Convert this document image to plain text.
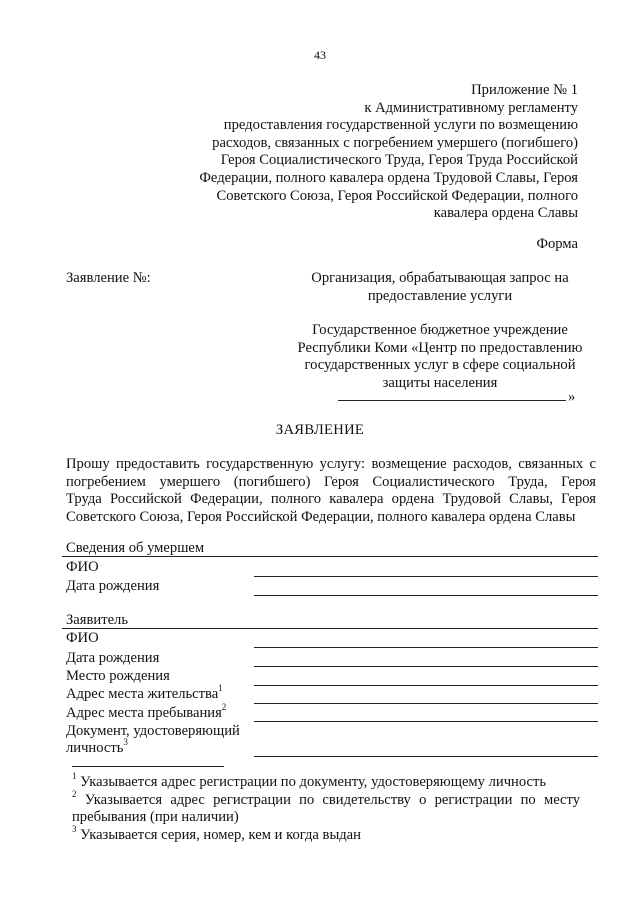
43
Приложение № 1
к Административному регламенту
предоставления государственной услуги по возмещению
расходов, связанных с погребением умершего (погибшего)
Героя Социалистического Труда, Героя Труда Российской
Федерации, полного кавалера ордена Трудовой Славы, Героя
Советского Союза, Героя Российской Федерации, полного
кавалера ордена Славы
Форма
Заявление №:	Организация, обрабатывающая запрос на
предоставление услуги
Государственное бюджетное учреждение
Республики Коми «Центр по предоставлению
государственных услуг в сфере социальной
защиты населения
»
ЗАЯВЛЕНИЕ
Прошу предоставить государственную услугу: возмещение расходов, связанных с
погребением умершего (погибшего) Героя Социалистического Труда, Героя
Труда Российской Федерации, полного кавалера ордена Трудовой Славы, Героя
Советского Союза, Героя Российской Федерации, полного кавалера ордена Славы
Сведения об умершем
ФИО
Дата рождения
Заявитель
ФИО
Дата рождения
Место рождения
Адрес места жительства$^1$
Адрес места пребывания$^2$
Документ, удостоверяющий
личность$^3$
$^1$ Указывается адрес регистрации по документу, удостоверяющему личность
$^2$ Указывается адрес регистрации по свидетельству о регистрации по месту пребывания (при наличии)
$^3$ Указывается серия, номер, кем и когда выдан
